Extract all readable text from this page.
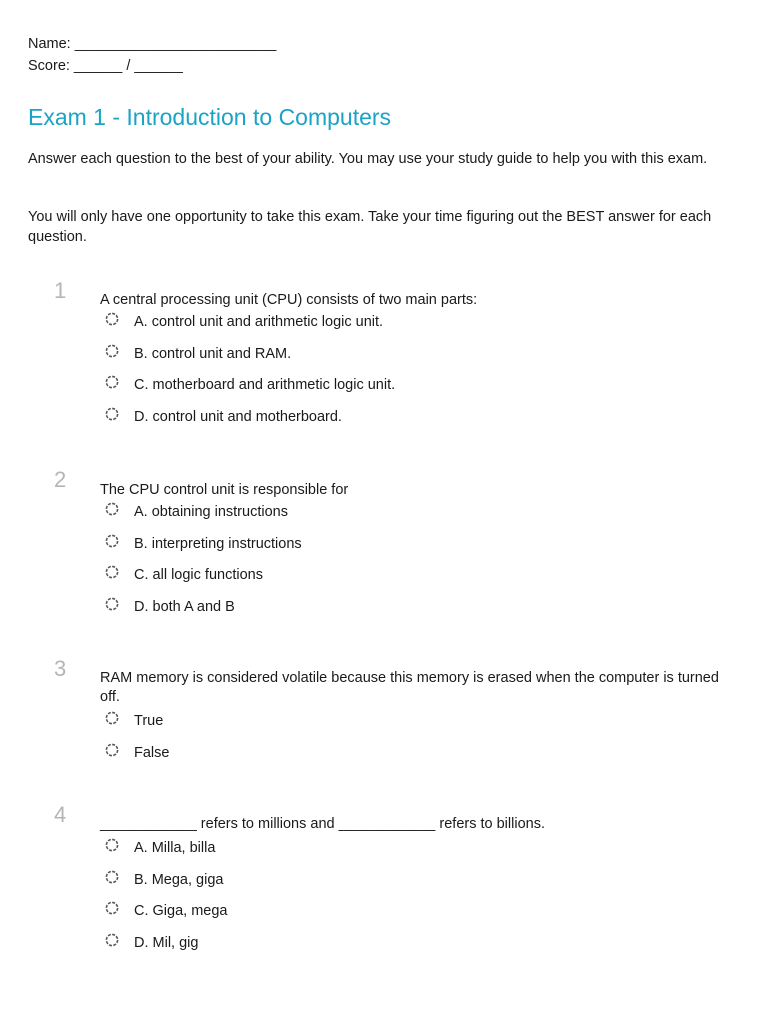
Name: _________________________
Score: ______ / ______
Exam 1 - Introduction to Computers

Answer each question to the best of your ability. You may use your study guide to help you with this exam.

You will only have one opportunity to take this exam. Take your time figuring out the BEST answer for each question.

1 A central processing unit (CPU) consists of two main parts:

A. control unit and arithmetic logic unit.
B. control unit and RAM.
C. motherboard and arithmetic logic unit.
D. control unit and motherboard.
2 The CPU control unit is responsible for

A. obtaining instructions
B. interpreting instructions
C. all logic functions
D. both A and B
3 RAM memory is considered volatile because this memory is erased when the computer is turned off.

True
False
4 ____________ refers to millions and ____________ refers to billions.

A. Milla, billa
B. Mega, giga
C. Giga, mega
D. Mil, gig
